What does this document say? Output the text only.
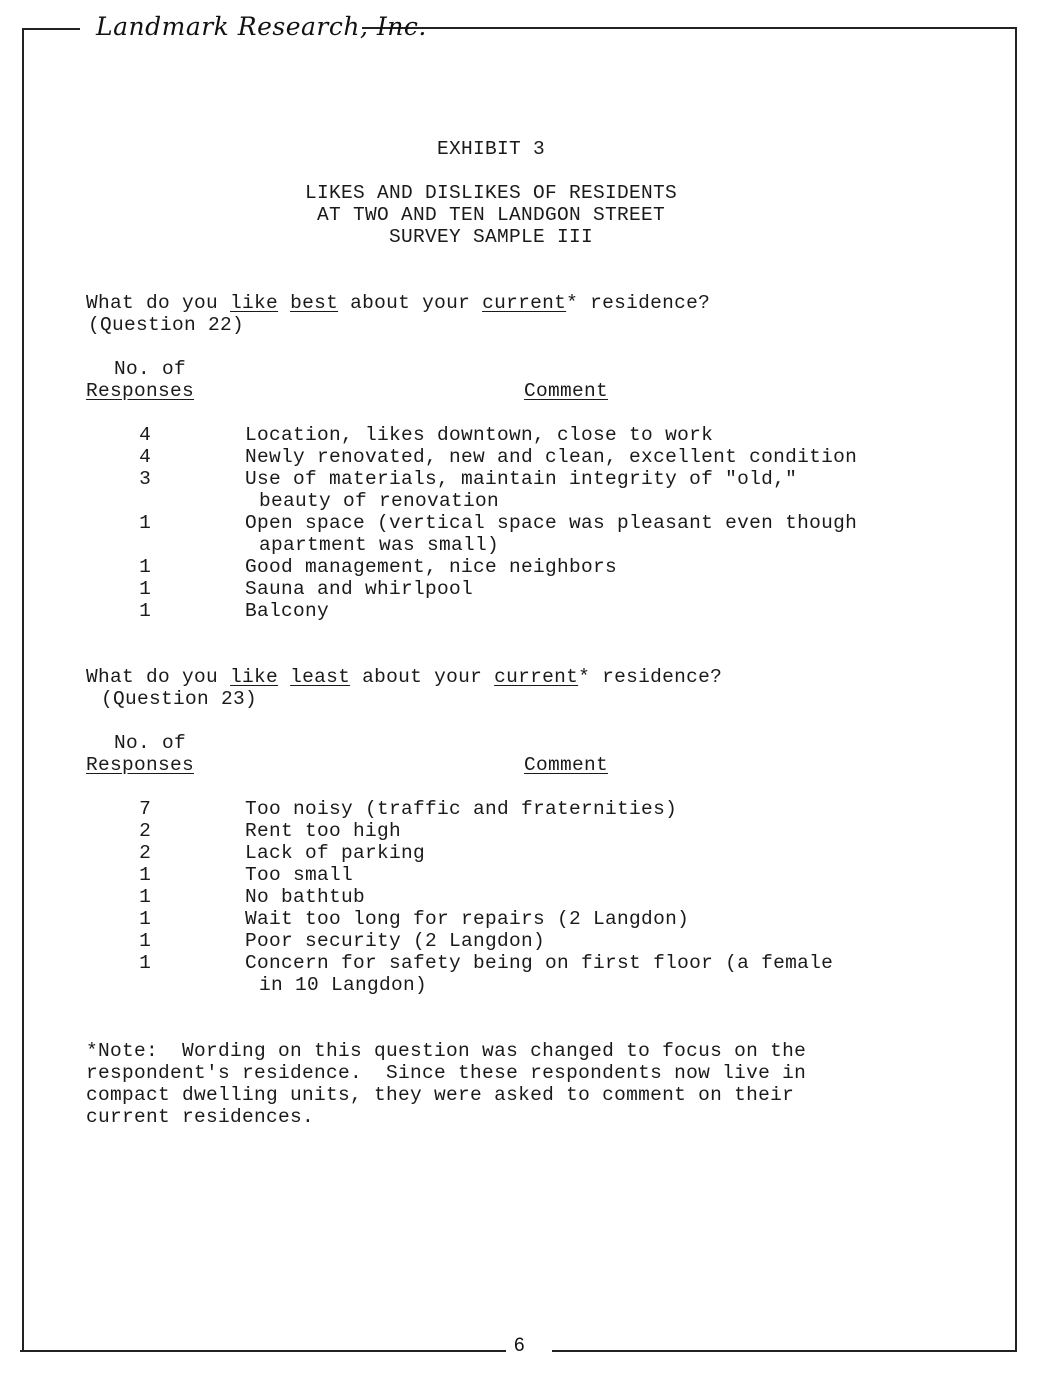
Landmark Research, Inc.
EXHIBIT 3
LIKES AND DISLIKES OF RESIDENTS
AT TWO AND TEN LANDGON STREET
SURVEY SAMPLE III
What do you like best about your current* residence?
(Question 22)
No. of
Responses	Comment
4	Location, likes downtown, close to work
4	Newly renovated, new and clean, excellent condition
3	Use of materials, maintain integrity of "old,"
beauty of renovation
1	Open space (vertical space was pleasant even though
apartment was small)
1	Good management, nice neighbors
1	Sauna and whirlpool
1	Balcony
What do you like least about your current* residence?
(Question 23)
No. of
Responses	Comment
7	Too noisy (traffic and fraternities)
2	Rent too high
2	Lack of parking
1	Too small
1	No bathtub
1	Wait too long for repairs (2 Langdon)
1	Poor security (2 Langdon)
1	Concern for safety being on first floor (a female
in 10 Langdon)
*Note:  Wording on this question was changed to focus on the
respondent's residence.  Since these respondents now live in
compact dwelling units, they were asked to comment on their
current residences.
6
